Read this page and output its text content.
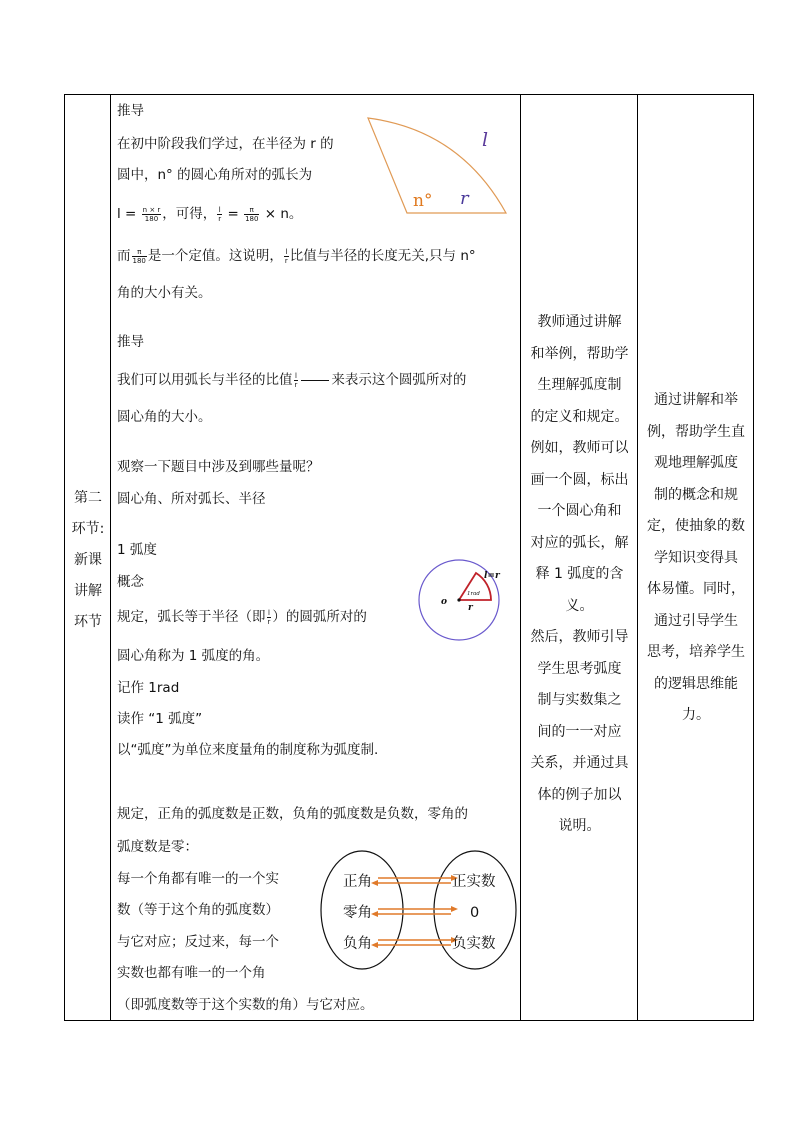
第二
环节:
新课
讲解
环节
教师通过讲解
和举例，帮助学
生理解弧度制
的定义和规定。
例如，教师可以
画一个圆，标出
一个圆心角和
对应的弧长，解
释 1 弧度的含义。
然后，教师引导
学生思考弧度
制与实数集之
间的一一对应
关系，并通过具
体的例子加以
说明。
通过讲解和举
例，帮助学生直
观地理解弧度
制的概念和规
定，使抽象的数
学知识变得具
体易懂。同时，
通过引导学生
思考，培养学生
的逻辑思维能
力。
推导
在初中阶段我们学过，在半径为 r 的
圆中，n° 的圆心角所对的弧长为
$l = \frac{n \times r}{180}$ ，可得， $\frac{l}{r} = \frac{\pi}{180} \times n$。
而 $\frac{\pi}{180}$ 是一个定值。这说明， $\frac{l}{r}$ 比值与半径的长度无关,只与 n°
角的大小有关。
推导
我们可以用弧长与半径的比值 $\frac{l}{r}$ 来表示这个圆弧所对的
圆心角的大小。
观察一下题目中涉及到哪些量呢？
圆心角、所对弧长、半径
1 弧度
概念
规定，弧长等于半径（即 $\frac{l}{r}$ ）的圆弧所对的
圆心角称为 1 弧度的角。
记作 1rad
读作 “1 弧度”
以“弧度”为单位来度量角的制度称为弧度制.
规定，正角的弧度数是正数，负角的弧度数是负数，零角的
弧度数是零：
每一个角都有唯一的一个实
数（等于这个角的弧度数）
与它对应；反过来，每一个
实数也都有唯一的一个角
（即弧度数等于这个实数的角）与它对应。
l
n° r
l=r
o
1rad
r
正角
零角
负角
正实数
0
负实数
